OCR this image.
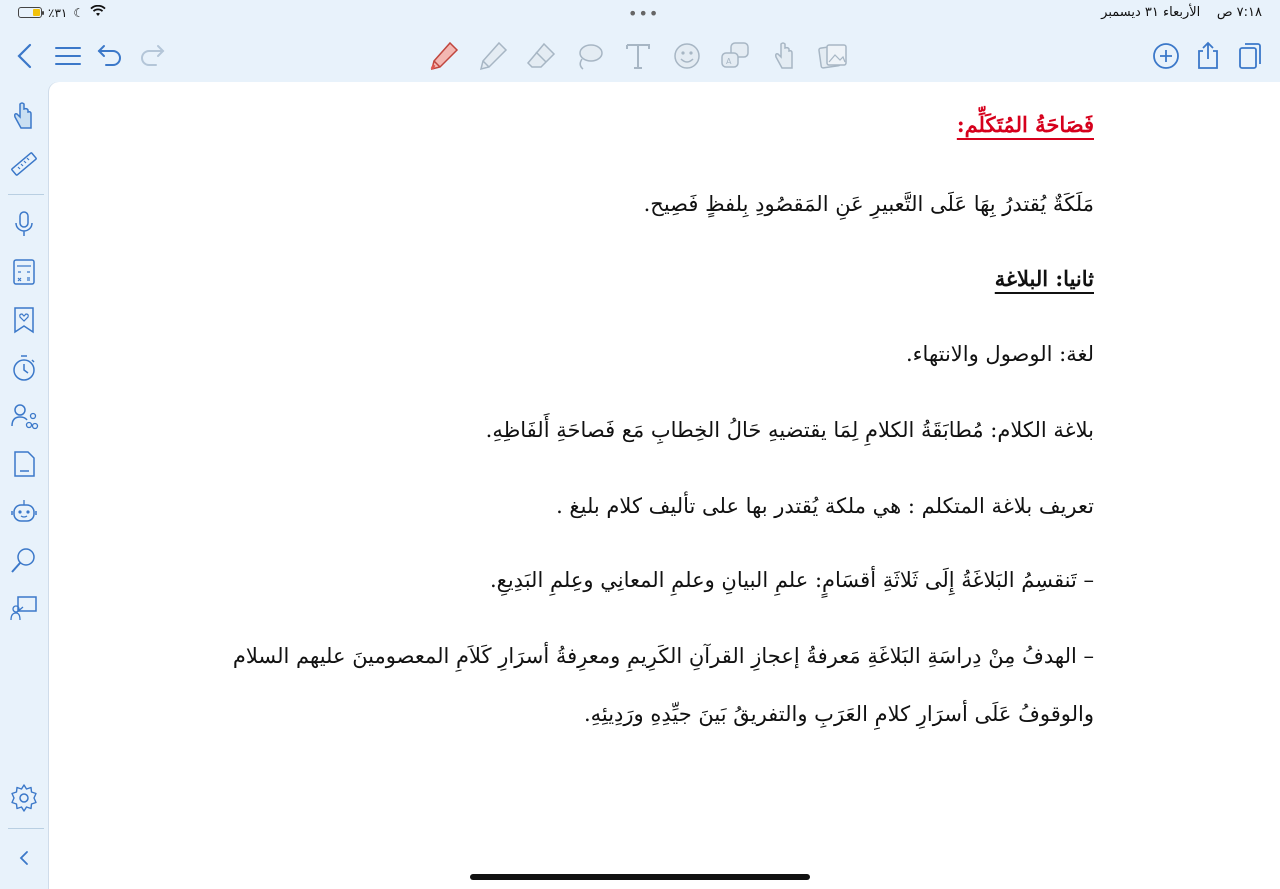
٪٣١ ☾	•••	٧:١٨ ص    الأربعاء ٣١ ديسمبر
A
فَصَاحَةُ المُتَكَلِّم:
مَلَكَةٌ يُقتدرُ بِهَا عَلَى التَّعبيرِ عَنِ المَقصُودِ بِلفظٍ فَصِيح.
ثانيا: البلاغة
لغة: الوصول والانتهاء.
بلاغة الكلام: مُطابَقَةُ الكلامِ لِمَا يقتضيهِ حَالُ الخِطابِ مَع فَصاحَةِ أَلفَاظِهِ.
تعريف بلاغة المتكلم : هي ملكة يُقتدر بها على تأليف كلام بليغ .
– تَنقسِمُ البَلاغَةُ إِلَى ثَلاثَةِ أقسَامٍ: علمِ البيانِ وعلمِ المعانِي وعِلمِ البَدِيعِ.
– الهدفُ مِنْ دِراسَةِ البَلاغَةِ مَعرفةُ إعجازِ القرآنِ الكَرِيمِ ومعرِفةُ أسرَارِ كَلاَمِ المعصومينَ عليهم السلام
والوقوفُ عَلَى أسرَارِ كلامِ العَرَبِ والتفريقُ بَينَ جيِّدِهِ ورَدِيئِهِ.
